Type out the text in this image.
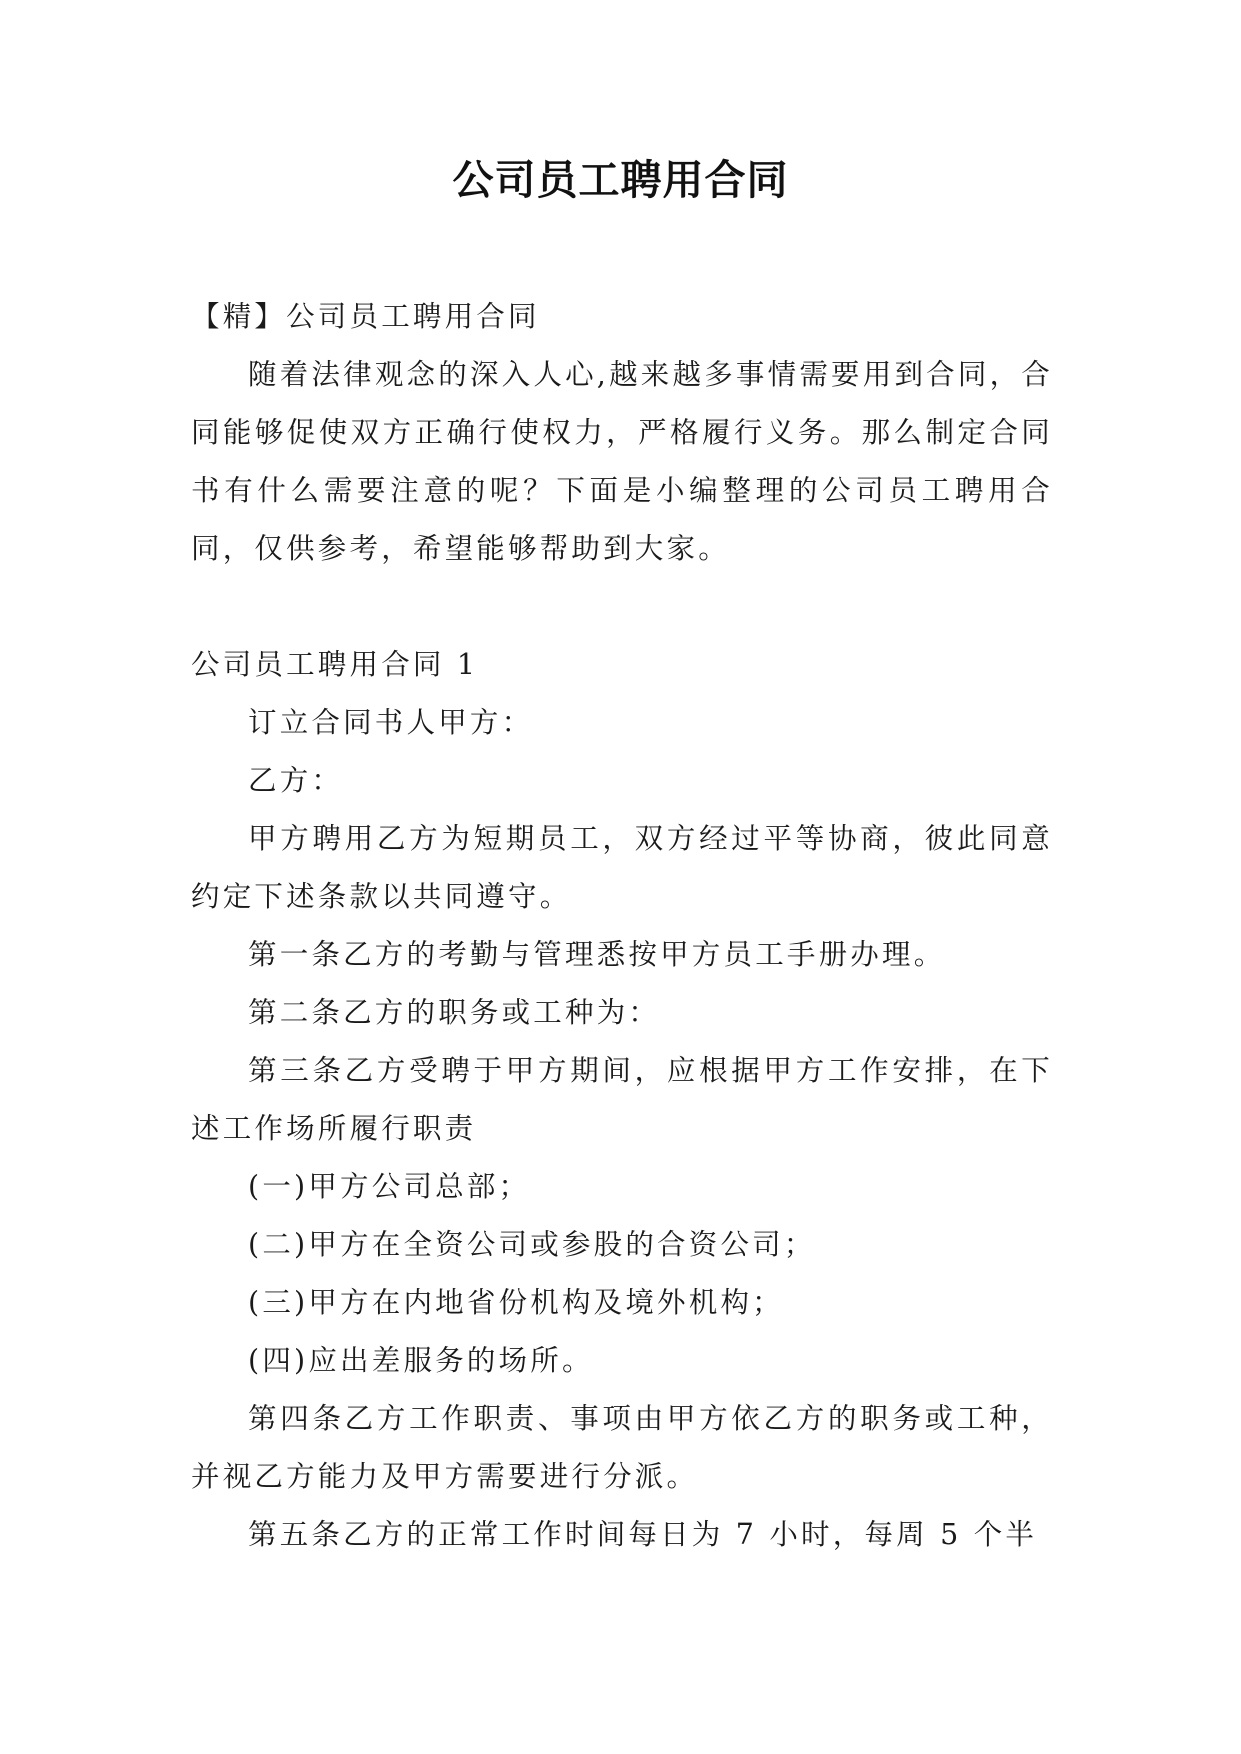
公司员工聘用合同

【精】公司员工聘用合同

随着法律观念的深入人心,越来越多事情需要用到合同，合同能够促使双方正确行使权力，严格履行义务。那么制定合同书有什么需要注意的呢？下面是小编整理的公司员工聘用合同，仅供参考，希望能够帮助到大家。

公司员工聘用合同 1

订立合同书人甲方：

乙方：

甲方聘用乙方为短期员工，双方经过平等协商，彼此同意约定下述条款以共同遵守。

第一条乙方的考勤与管理悉按甲方员工手册办理。

第二条乙方的职务或工种为：

第三条乙方受聘于甲方期间，应根据甲方工作安排，在下述工作场所履行职责

(一)甲方公司总部；

(二)甲方在全资公司或参股的合资公司；

(三)甲方在内地省份机构及境外机构；

(四)应出差服务的场所。

第四条乙方工作职责、事项由甲方依乙方的职务或工种，并视乙方能力及甲方需要进行分派。

第五条乙方的正常工作时间每日为 7 小时，每周 5 个半
